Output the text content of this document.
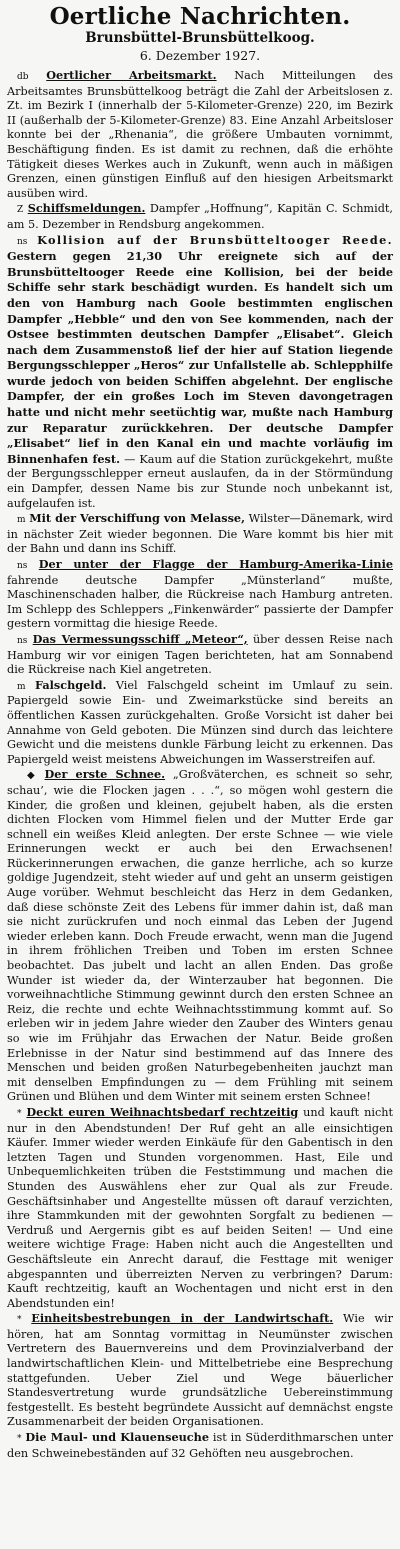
Oertliche Nachrichten.
Brunsbüttel-Brunsbüttelkoog.
6. Dezember 1927.

db Oertlicher Arbeitsmarkt. Nach Mitteilungen des Arbeitsamtes Brunsbüttelkoog beträgt die Zahl der Arbeitslosen z. Zt. im Bezirk I (innerhalb der 5-Kilometer-Grenze) 220, im Bezirk II (außerhalb der 5-Kilometer-Grenze) 83. Eine Anzahl Arbeitsloser konnte bei der „Rhenania“, die größere Umbauten vornimmt, Beschäftigung finden. Es ist damit zu rechnen, daß die erhöhte Tätigkeit dieses Werkes auch in Zukunft, wenn auch in mäßigen Grenzen, einen günstigen Einfluß auf den hiesigen Arbeitsmarkt ausüben wird.

Z Schiffsmeldungen. Dampfer „Hoffnung“, Kapitän C. Schmidt, am 5. Dezember in Rendsburg angekommen.

ns Kollision auf der Brunsbütteltooger Reede. Gestern gegen 21,30 Uhr ereignete sich auf der Brunsbütteltooger Reede eine Kollision, bei der beide Schiffe sehr stark beschädigt wurden. Es handelt sich um den von Hamburg nach Goole bestimmten englischen Dampfer „Hebble“ und den von See kommenden, nach der Ostsee bestimmten deutschen Dampfer „Elisabet“. Gleich nach dem Zusammenstoß lief der hier auf Station liegende Bergungsschlepper „Heros“ zur Unfallstelle ab. Schlepphilfe wurde jedoch von beiden Schiffen abgelehnt. Der englische Dampfer, der ein großes Loch im Steven davongetragen hatte und nicht mehr seetüchtig war, mußte nach Hamburg zur Reparatur zurückkehren. Der deutsche Dampfer „Elisabet“ lief in den Kanal ein und machte vorläufig im Binnenhafen fest. — Kaum auf die Station zurückgekehrt, mußte der Bergungsschlepper erneut auslaufen, da in der Störmündung ein Dampfer, dessen Name bis zur Stunde noch unbekannt ist, aufgelaufen ist.

m Mit der Verschiffung von Melasse, Wilster—Dänemark, wird in nächster Zeit wieder begonnen. Die Ware kommt bis hier mit der Bahn und dann ins Schiff.

ns Der unter der Flagge der Hamburg-Amerika-Linie fahrende deutsche Dampfer „Münsterland“ mußte, Maschinenschaden halber, die Rückreise nach Hamburg antreten. Im Schlepp des Schleppers „Finkenwärder“ passierte der Dampfer gestern vormittag die hiesige Reede.

ns Das Vermessungsschiff „Meteor“, über dessen Reise nach Hamburg wir vor einigen Tagen berichteten, hat am Sonnabend die Rückreise nach Kiel angetreten.

m Falschgeld. Viel Falschgeld scheint im Umlauf zu sein. Papiergeld sowie Ein- und Zweimarkstücke sind bereits an öffentlichen Kassen zurückgehalten. Große Vorsicht ist daher bei Annahme von Geld geboten. Die Münzen sind durch das leichtere Gewicht und die meistens dunkle Färbung leicht zu erkennen. Das Papiergeld weist meistens Abweichungen im Wasserstreifen auf.

◆ Der erste Schnee. „Großväterchen, es schneit so sehr, schau’, wie die Flocken jagen . . .“, so mögen wohl gestern die Kinder, die großen und kleinen, gejubelt haben, als die ersten dichten Flocken vom Himmel fielen und der Mutter Erde gar schnell ein weißes Kleid anlegten. Der erste Schnee — wie viele Erinnerungen weckt er auch bei den Erwachsenen! Rückerinnerungen erwachen, die ganze herrliche, ach so kurze goldige Jugendzeit, steht wieder auf und geht an unserm geistigen Auge vorüber. Wehmut beschleicht das Herz in dem Gedanken, daß diese schönste Zeit des Lebens für immer dahin ist, daß man sie nicht zurückrufen und noch einmal das Leben der Jugend wieder erleben kann. Doch Freude erwacht, wenn man die Jugend in ihrem fröhlichen Treiben und Toben im ersten Schnee beobachtet. Das jubelt und lacht an allen Enden. Das große Wunder ist wieder da, der Winterzauber hat begonnen. Die vorweihnachtliche Stimmung gewinnt durch den ersten Schnee an Reiz, die rechte und echte Weihnachtsstimmung kommt auf. So erleben wir in jedem Jahre wieder den Zauber des Winters genau so wie im Frühjahr das Erwachen der Natur. Beide großen Erlebnisse in der Natur sind bestimmend auf das Innere des Menschen und beiden großen Naturbegebenheiten jauchzt man mit denselben Empfindungen zu — dem Frühling mit seinem Grünen und Blühen und dem Winter mit seinem ersten Schnee!

* Deckt euren Weihnachtsbedarf rechtzeitig und kauft nicht nur in den Abendstunden! Der Ruf geht an alle einsichtigen Käufer. Immer wieder werden Einkäufe für den Gabentisch in den letzten Tagen und Stunden vorgenommen. Hast, Eile und Unbequemlichkeiten trüben die Feststimmung und machen die Stunden des Auswählens eher zur Qual als zur Freude. Geschäftsinhaber und Angestellte müssen oft darauf verzichten, ihre Stammkunden mit der gewohnten Sorgfalt zu bedienen — Verdruß und Aergernis gibt es auf beiden Seiten! — Und eine weitere wichtige Frage: Haben nicht auch die Angestellten und Geschäftsleute ein Anrecht darauf, die Festtage mit weniger abgespannten und überreizten Nerven zu verbringen? Darum: Kauft rechtzeitig, kauft an Wochentagen und nicht erst in den Abendstunden ein!

* Einheitsbestrebungen in der Landwirtschaft. Wie wir hören, hat am Sonntag vormittag in Neumünster zwischen Vertretern des Bauernvereins und dem Provinzialverband der landwirtschaftlichen Klein- und Mittelbetriebe eine Besprechung stattgefunden. Ueber Ziel und Wege bäuerlicher Standesvertretung wurde grundsätzliche Uebereinstimmung festgestellt. Es besteht begründete Aussicht auf demnächst engste Zusammenarbeit der beiden Organisationen.

* Die Maul- und Klauenseuche ist in Süderdithmarschen unter den Schweinebeständen auf 32 Gehöften neu ausgebrochen.
